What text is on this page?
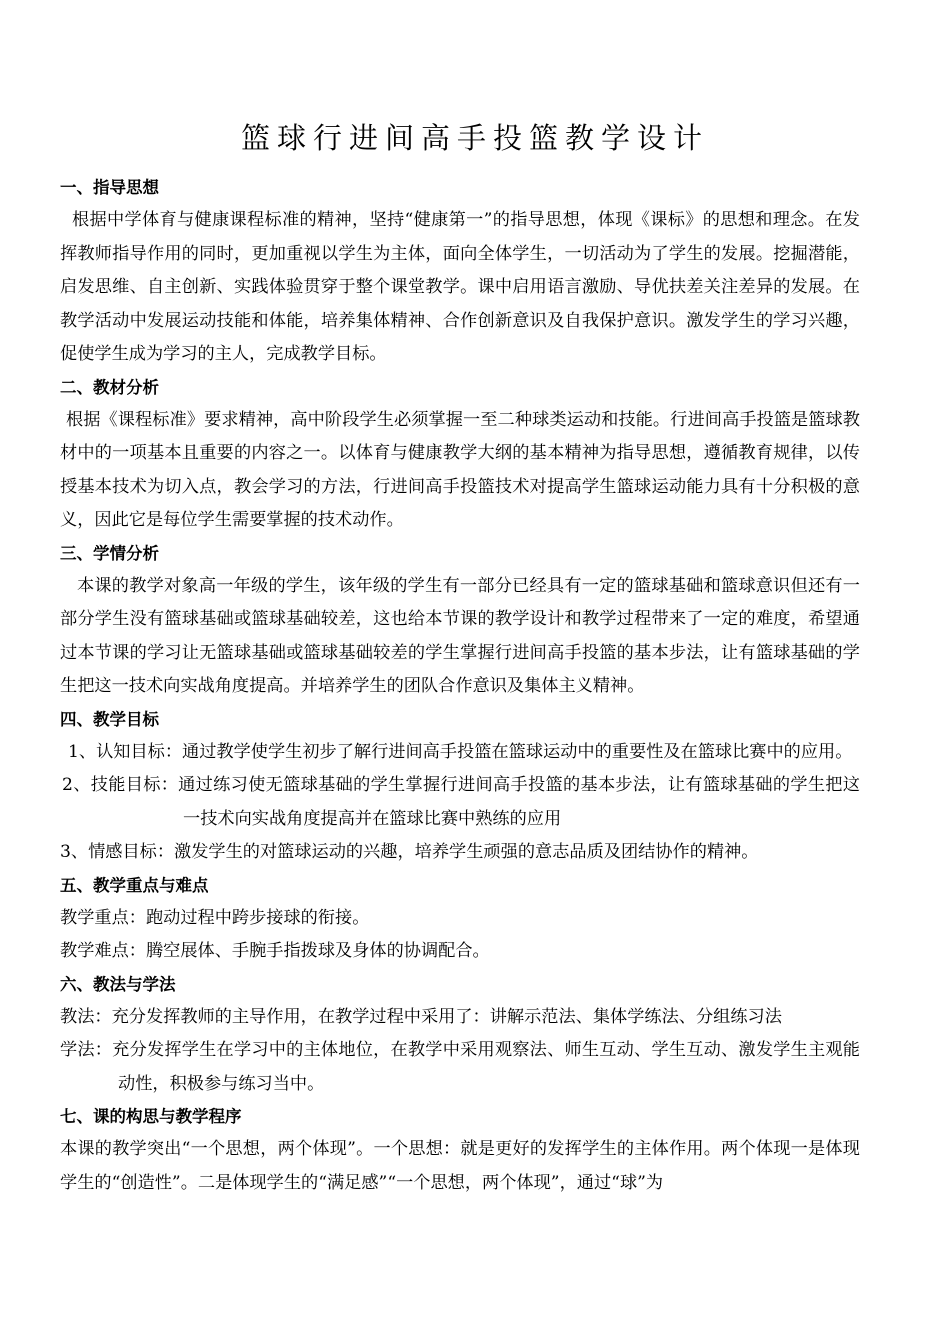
篮球行进间高手投篮教学设计
一、指导思想

根据中学体育与健康课程标准的精神，坚持“健康第一”的指导思想，体现《课标》的思想和理念。在发挥教师指导作用的同时，更加重视以学生为主体，面向全体学生，一切活动为了学生的发展。挖掘潜能，启发思维、自主创新、实践体验贯穿于整个课堂教学。课中启用语言激励、导优扶差关注差异的发展。在教学活动中发展运动技能和体能，培养集体精神、合作创新意识及自我保护意识。激发学生的学习兴趣，促使学生成为学习的主人，完成教学目标。

二、教材分析

根据《课程标准》要求精神，高中阶段学生必须掌握一至二种球类运动和技能。行进间高手投篮是篮球教材中的一项基本且重要的内容之一。以体育与健康教学大纲的基本精神为指导思想，遵循教育规律，以传授基本技术为切入点，教会学习的方法，行进间高手投篮技术对提高学生篮球运动能力具有十分积极的意义，因此它是每位学生需要掌握的技术动作。

三、学情分析

本课的教学对象高一年级的学生，该年级的学生有一部分已经具有一定的篮球基础和篮球意识但还有一部分学生没有篮球基础或篮球基础较差，这也给本节课的教学设计和教学过程带来了一定的难度，希望通过本节课的学习让无篮球基础或篮球基础较差的学生掌握行进间高手投篮的基本步法，让有篮球基础的学生把这一技术向实战角度提高。并培养学生的团队合作意识及集体主义精神。

四、教学目标
1、认知目标：通过教学使学生初步了解行进间高手投篮在篮球运动中的重要性及在篮球比赛中的应用。
2、技能目标：通过练习使无篮球基础的学生掌握行进间高手投篮的基本步法，让有篮球基础的学生把这一技术向实战角度提高并在篮球比赛中熟练的应用
3、情感目标：激发学生的对篮球运动的兴趣，培养学生顽强的意志品质及团结协作的精神。
五、教学重点与难点
教学重点：跑动过程中跨步接球的衔接。
教学难点：腾空展体、手腕手指拨球及身体的协调配合。
六、教法与学法
教法：充分发挥教师的主导作用，在教学过程中采用了：讲解示范法、集体学练法、分组练习法
学法：充分发挥学生在学习中的主体地位，在教学中采用观察法、师生互动、学生互动、激发学生主观能动性，积极参与练习当中。
七、课的构思与教学程序

本课的教学突出“一个思想，两个体现”。一个思想：就是更好的发挥学生的主体作用。两个体现一是体现学生的“创造性”。二是体现学生的“满足感”“一个思想，两个体现”，通过“球”为
